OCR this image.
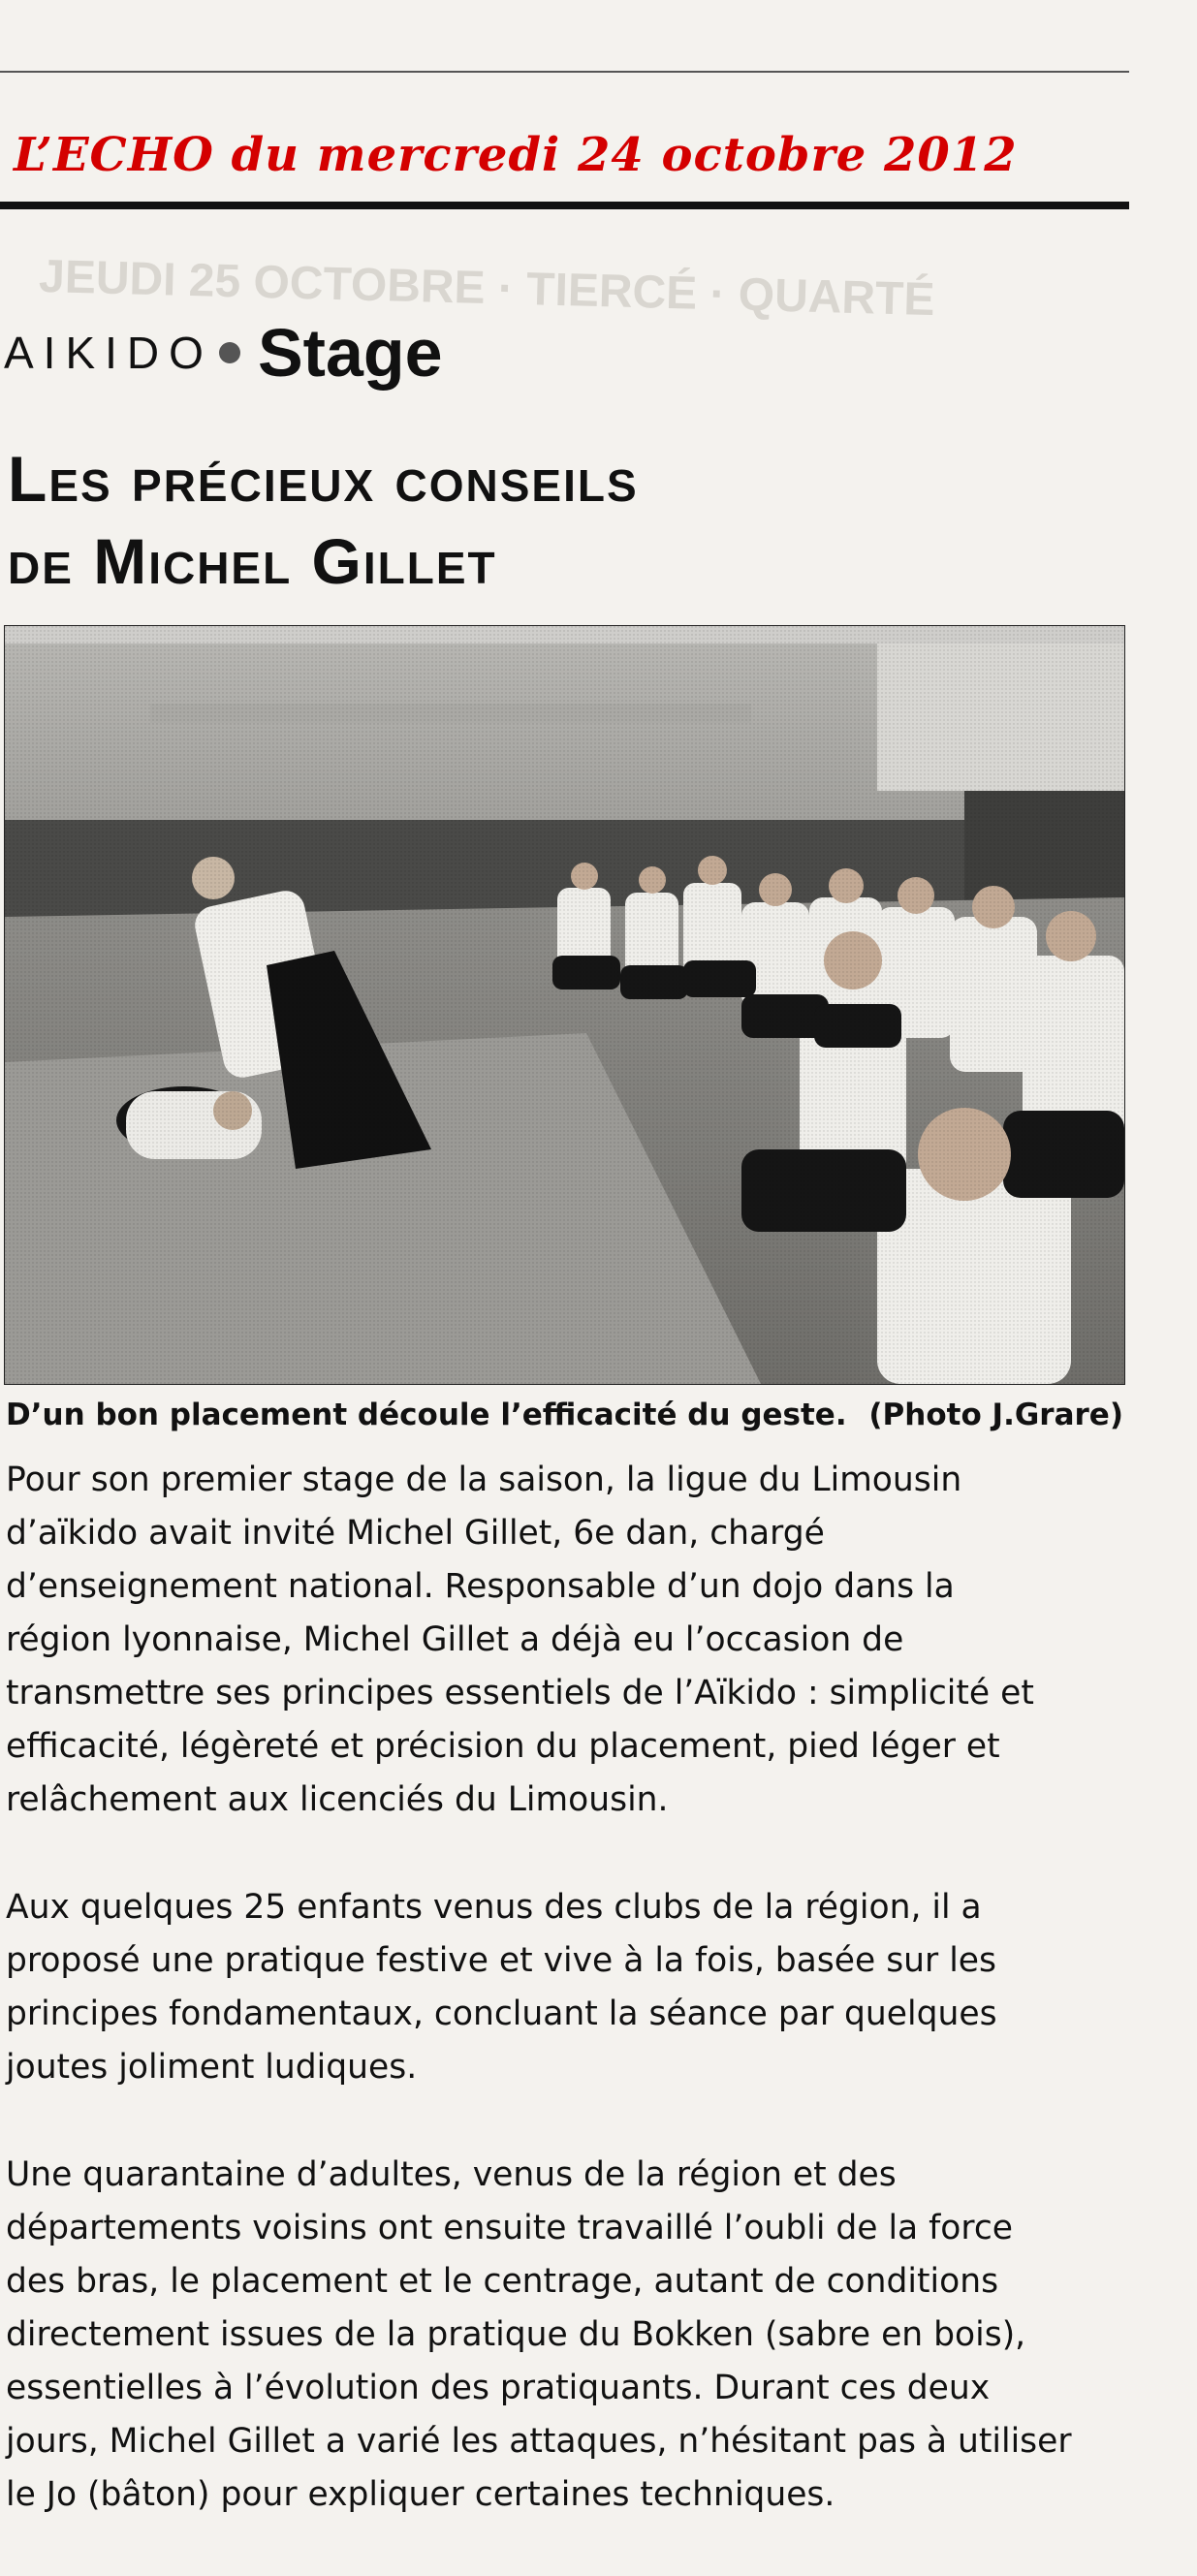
JEUDI 25 OCTOBRE · TIERCÉ · QUARTÉ
L’ECHO du mercredi 24 octobre 2012
AIKIDO Stage
Les précieux conseils
de Michel Gillet
D’un bon placement découle l’efficacité du geste. (Photo J.Grare)

Pour son premier stage de la saison, la ligue du Limousin
d’aïkido avait invité Michel Gillet, 6e dan, chargé
d’enseignement national. Responsable d’un dojo dans la
région lyonnaise, Michel Gillet a déjà eu l’occasion de
transmettre ses principes essentiels de l’Aïkido : simplicité et
efficacité, légèreté et précision du placement, pied léger et
relâchement aux licenciés du Limousin.

Aux quelques 25 enfants venus des clubs de la région, il a
proposé une pratique festive et vive à la fois, basée sur les
principes fondamentaux, concluant la séance par quelques
joutes joliment ludiques.

Une quarantaine d’adultes, venus de la région et des
départements voisins ont ensuite travaillé l’oubli de la force
des bras, le placement et le centrage, autant de conditions
directement issues de la pratique du Bokken (sabre en bois),
essentielles à l’évolution des pratiquants. Durant ces deux
jours, Michel Gillet a varié les attaques, n’hésitant pas à utiliser
le Jo (bâton) pour expliquer certaines techniques.
